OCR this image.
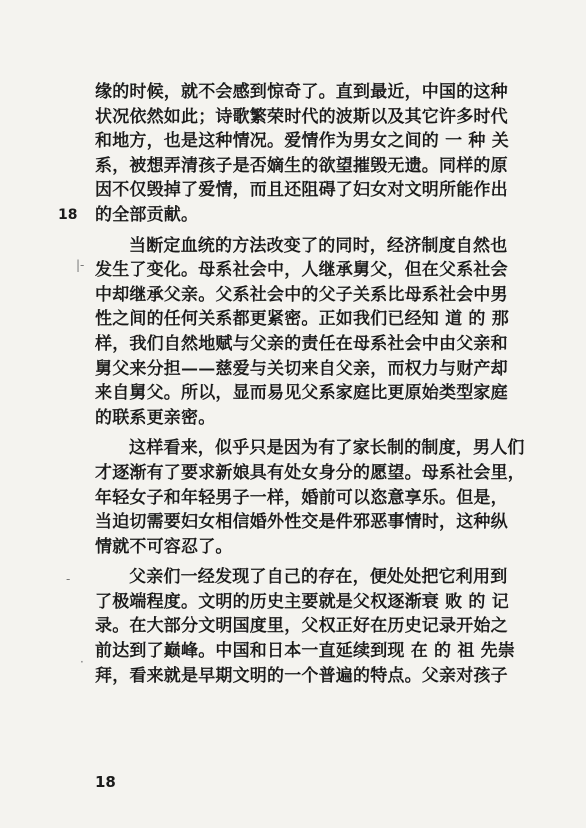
18
|-
·
-
缘的时候，就不会感到惊奇了。直到最近，中国的这种
状况依然如此；诗歌繁荣时代的波斯以及其它许多时代
和地方，也是这种情况。爱情作为男女之间的 一 种 关
系，被想弄清孩子是否嫡生的欲望摧毁无遗。同样的原
因不仅毁掉了爱情，而且还阻碍了妇女对文明所能作出
的全部贡献。
当断定血统的方法改变了的同时，经济制度自然也
发生了变化。母系社会中，人继承舅父，但在父系社会
中却继承父亲。父系社会中的父子关系比母系社会中男
性之间的任何关系都更紧密。正如我们已经知 道 的 那
样，我们自然地赋与父亲的责任在母系社会中由父亲和
舅父来分担——慈爱与关切来自父亲，而权力与财产却
来自舅父。所以，显而易见父系家庭比更原始类型家庭
的联系更亲密。
这样看来，似乎只是因为有了家长制的制度，男人们
才逐渐有了要求新娘具有处女身分的愿望。母系社会里，
年轻女子和年轻男子一样，婚前可以恣意享乐。但是，
当迫切需要妇女相信婚外性交是件邪恶事情时，这种纵
情就不可容忍了。
父亲们一经发现了自己的存在，便处处把它利用到
了极端程度。文明的历史主要就是父权逐渐衰 败 的 记
录。在大部分文明国度里，父权正好在历史记录开始之
前达到了巅峰。中国和日本一直延续到现 在 的 祖 先崇
拜，看来就是早期文明的一个普遍的特点。父亲对孩子
18
